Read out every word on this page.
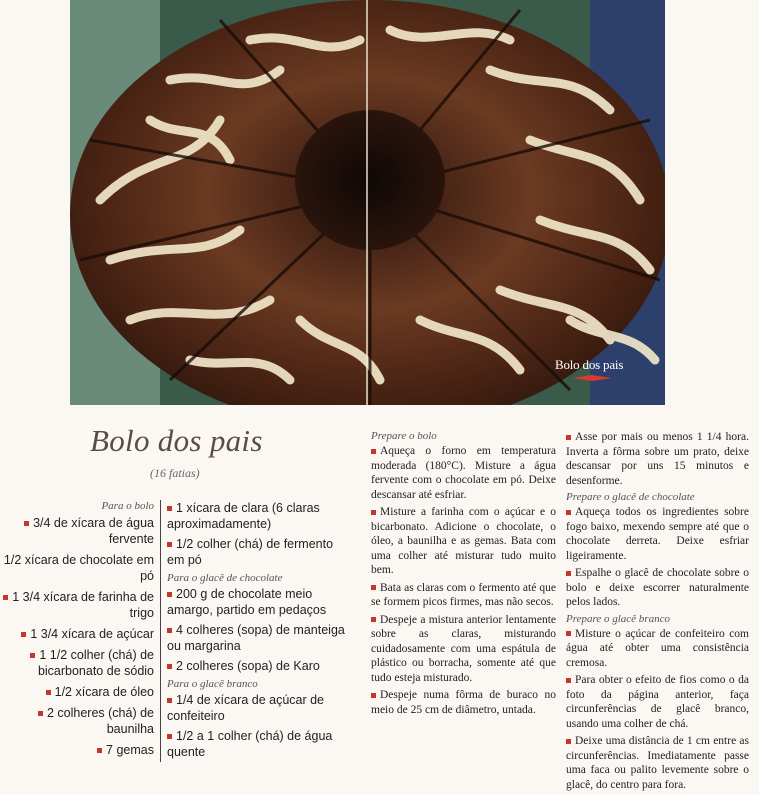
Bolo dos pais
Bolo dos pais
(16 fatias)
Para o bolo
3/4 de xícara de água fervente
1/2 xícara de chocolate em pó
1 3/4 xícara de farinha de trigo
1 3/4 xícara de açúcar
1 1/2 colher (chá) de bicarbonato de sódio
1/2 xícara de óleo
2 colheres (chá) de baunilha
7 gemas
1 xícara de clara (6 claras aproximadamente)
1/2 colher (chá) de fermento em pó
Para o glacê de chocolate
200 g de chocolate meio amargo, partido em pedaços
4 colheres (sopa) de manteiga ou margarina
2 colheres (sopa) de Karo
Para o glacê branco
1/4 de xícara de açúcar de confeiteiro
1/2 a 1 colher (chá) de água quente
Prepare o bolo

Aqueça o forno em temperatura moderada (180°C). Misture a água fervente com o chocolate em pó. Deixe descansar até esfriar.

Misture a farinha com o açúcar e o bicarbonato. Adicione o chocolate, o óleo, a baunilha e as gemas. Bata com uma colher até misturar tudo muito bem.

Bata as claras com o fermento até que se formem picos firmes, mas não secos.

Despeje a mistura anterior lentamente sobre as claras, misturando cuidadosamente com uma espátula de plástico ou borracha, somente até que tudo esteja misturado.

Despeje numa fôrma de buraco no meio de 25 cm de diâmetro, untada.

Asse por mais ou menos 1 1/4 hora. Inverta a fôrma sobre um prato, deixe descansar por uns 15 minutos e desenforme.

Prepare o glacê de chocolate

Aqueça todos os ingredientes sobre fogo baixo, mexendo sempre até que o chocolate derreta. Deixe esfriar ligeiramente.

Espalhe o glacê de chocolate sobre o bolo e deixe escorrer naturalmente pelos lados.

Prepare o glacê branco

Misture o açúcar de confeiteiro com água até obter uma consistência cremosa.

Para obter o efeito de fios como o da foto da página anterior, faça circunferências de glacê branco, usando uma colher de chá.

Deixe uma distância de 1 cm entre as circunferências. Imediatamente passe uma faca ou palito levemente sobre o glacê, do centro para fora.
